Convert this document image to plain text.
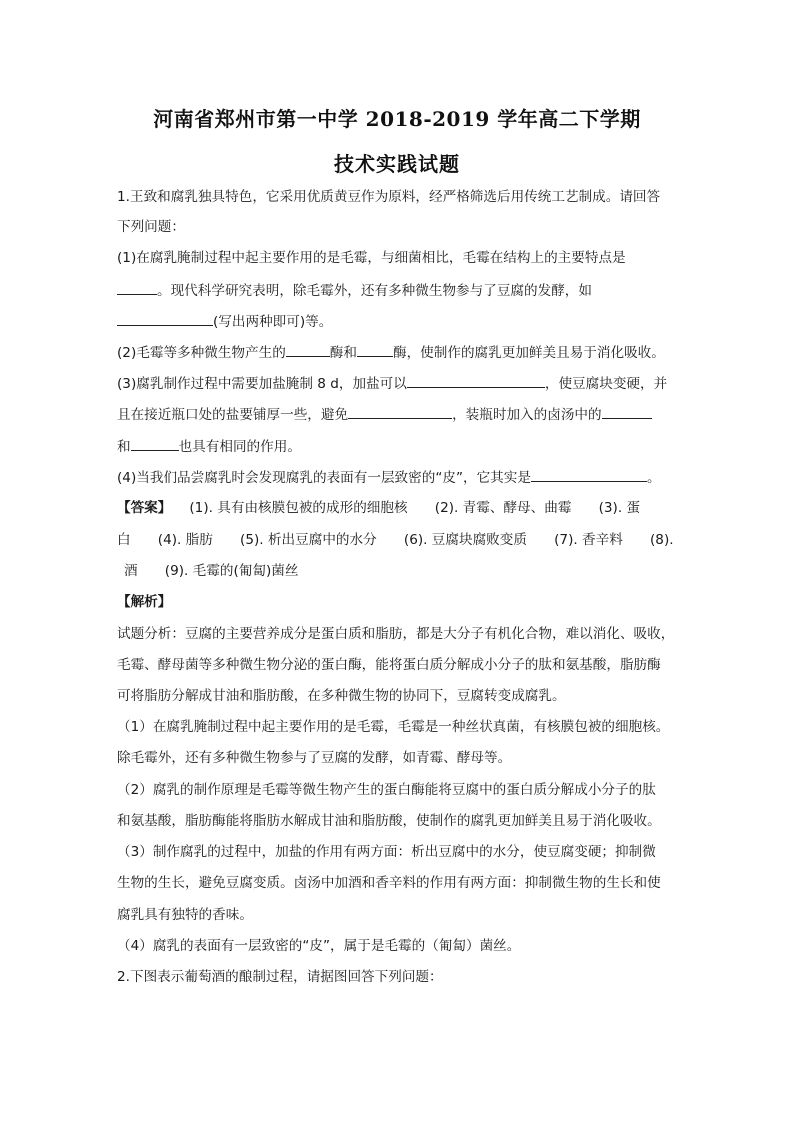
河南省郑州市第一中学 2018-2019 学年高二下学期
技术实践试题
1.王致和腐乳独具特色，它采用优质黄豆作为原料，经严格筛选后用传统工艺制成。请回答
下列问题：
(1)在腐乳腌制过程中起主要作用的是毛霉，与细菌相比，毛霉在结构上的主要特点是
。现代科学研究表明，除毛霉外，还有多种微生物参与了豆腐的发酵，如
(写出两种即可)等。
(2)毛霉等多种微生物产生的	酶和	酶，使制作的腐乳更加鲜美且易于消化吸收。
(3)腐乳制作过程中需要加盐腌制 8 d，加盐可以	，使豆腐块变硬，并
且在接近瓶口处的盐要铺厚一些，避免	，装瓶时加入的卤汤中的
和	也具有相同的作用。
(4)当我们品尝腐乳时会发现腐乳的表面有一层致密的“皮”，它其实是	。
【答案】 (1). 具有由核膜包被的成形的细胞核　　(2). 青霉、酵母、曲霉　　(3). 蛋
白　　(4). 脂肪　　(5). 析出豆腐中的水分　　(6). 豆腐块腐败变质　　(7). 香辛料　　(8).
酒　　(9). 毛霉的(匍匐)菌丝
【解析】
试题分析：豆腐的主要营养成分是蛋白质和脂肪，都是大分子有机化合物，难以消化、吸收，
毛霉、酵母菌等多种微生物分泌的蛋白酶，能将蛋白质分解成小分子的肽和氨基酸，脂肪酶
可将脂肪分解成甘油和脂肪酸，在多种微生物的协同下，豆腐转变成腐乳。
（1）在腐乳腌制过程中起主要作用的是毛霉，毛霉是一种丝状真菌，有核膜包被的细胞核。
除毛霉外，还有多种微生物参与了豆腐的发酵，如青霉、酵母等。
（2）腐乳的制作原理是毛霉等微生物产生的蛋白酶能将豆腐中的蛋白质分解成小分子的肽
和氨基酸，脂肪酶能将脂肪水解成甘油和脂肪酸，使制作的腐乳更加鲜美且易于消化吸收。
（3）制作腐乳的过程中，加盐的作用有两方面：析出豆腐中的水分，使豆腐变硬；抑制微
生物的生长，避免豆腐变质。卤汤中加酒和香辛料的作用有两方面：抑制微生物的生长和使
腐乳具有独特的香味。
（4）腐乳的表面有一层致密的“皮”，属于是毛霉的（匍匐）菌丝。
2.下图表示葡萄酒的酿制过程，请据图回答下列问题：
